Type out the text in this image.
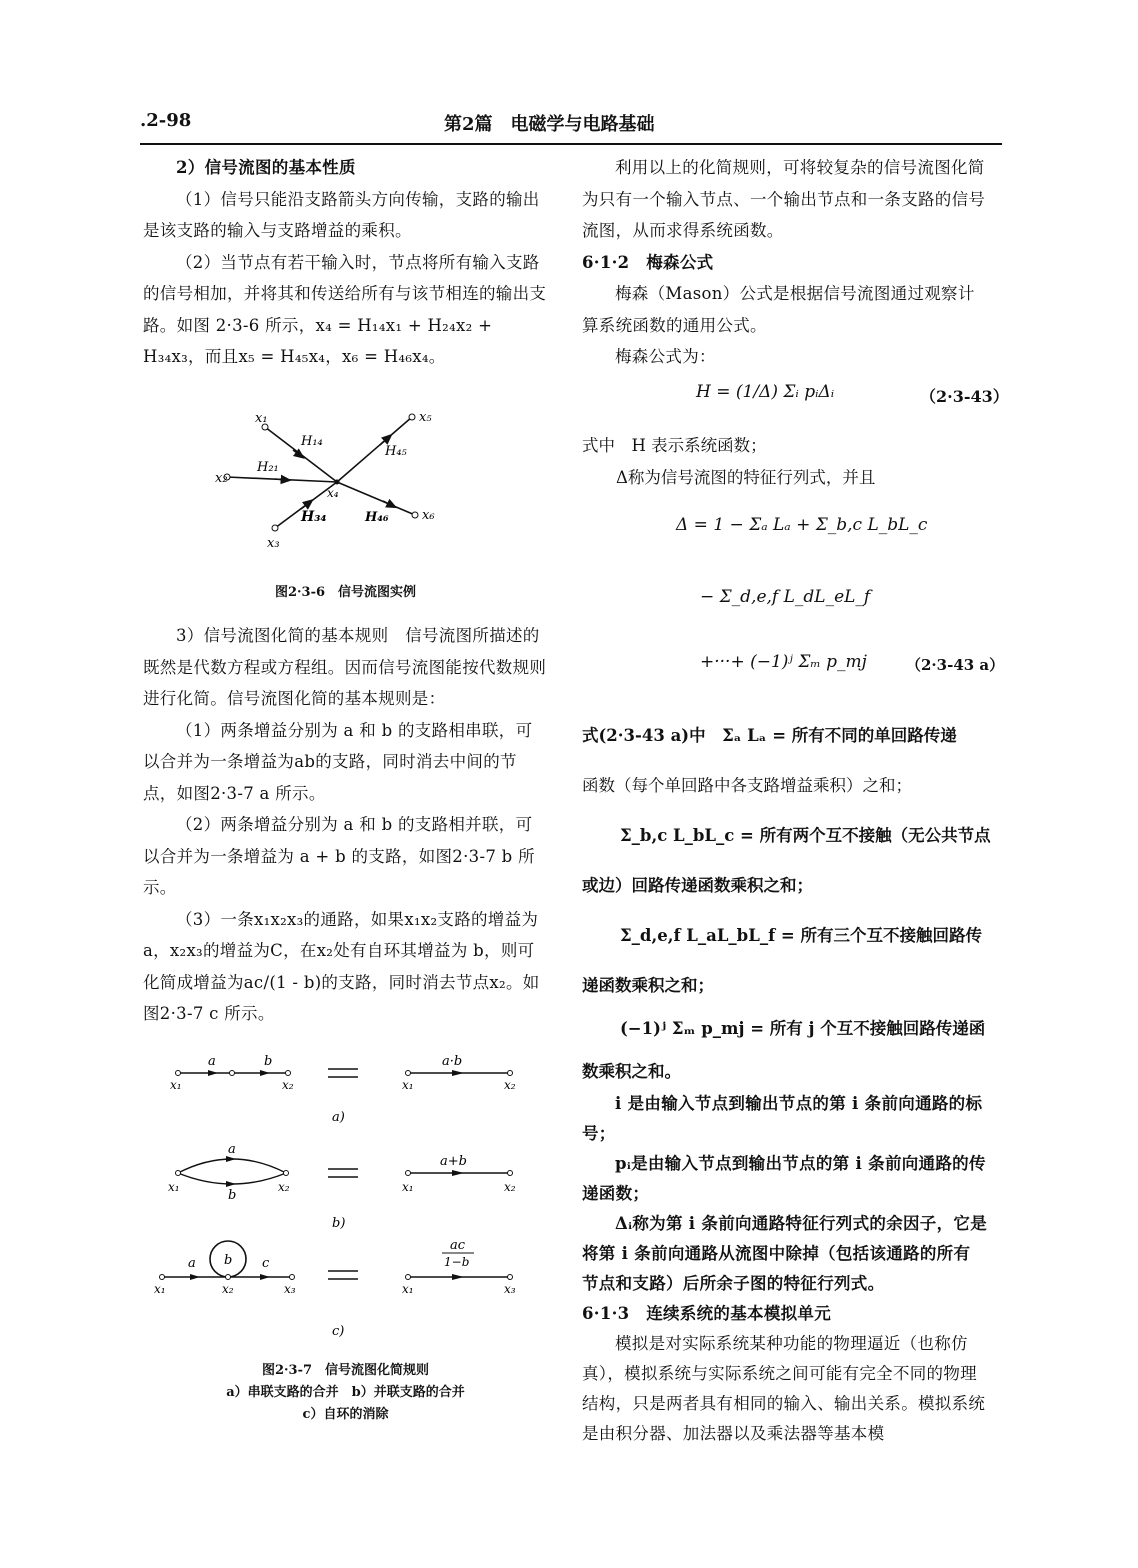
.2-98	第2篇　电磁学与电路基础

2）信号流图的基本性质

（1）信号只能沿支路箭头方向传输，支路的输出是该支路的输入与支路增益的乘积。

（2）当节点有若干输入时，节点将所有输入支路的信号相加，并将其和传送给所有与该节相连的输出支路。如图 2·3-6 所示，x₄ = H₁₄x₁ + H₂₄x₂ + H₃₄x₃，而且x₅ = H₄₅x₄，x₆ = H₄₆x₄。

x₁
x₂
x₃
x₄
x₅
x₆
H₁₄
H₂₁
H₃₄
H₄₅
H₄₆
图2·3-6　信号流图实例

3）信号流图化简的基本规则　信号流图所描述的既然是代数方程或方程组。因而信号流图能按代数规则进行化简。信号流图化简的基本规则是：

（1）两条增益分别为 a 和 b 的支路相串联，可以合并为一条增益为ab的支路，同时消去中间的节点，如图2·3-7 a 所示。

（2）两条增益分别为 a 和 b 的支路相并联，可以合并为一条增益为 a + b 的支路，如图2·3-7 b 所示。

（3）一条x₁x₂x₃的通路，如果x₁x₂支路的增益为 a，x₂x₃的增益为C，在x₂处有自环其增益为 b，则可化简成增益为ac/(1 - b)的支路，同时消去节点x₂。如图2·3-7 c 所示。

a	b
x₁	x₂
a·b
x₁	x₂
a)
a
b
x₁	x₂
a+b
x₁	x₂
b)
a b c
x₁	x₂	x₃
ac
1−b
x₁	x₃
c)
图2·3-7　信号流图化简规则
a）串联支路的合并　b）并联支路的合并
c）自环的消除

利用以上的化简规则，可将较复杂的信号流图化简为只有一个输入节点、一个输出节点和一条支路的信号流图，从而求得系统函数。

6·1·2　梅森公式

梅森（Mason）公式是根据信号流图通过观察计算系统函数的通用公式。

梅森公式为：

H = (1/Δ) Σᵢ pᵢΔᵢ	（2·3-43）
式中　H 表示系统函数；
Δ称为信号流图的特征行列式，并且
Δ = 1 − Σₐ Lₐ + Σ_b,c L_bL_c
− Σ_d,e,f L_dL_eL_f
+···+ (−1)ʲ Σₘ p_mj	（2·3-43 a）
式(2·3-43 a)中　Σₐ Lₐ = 所有不同的单回路传递
函数（每个单回路中各支路增益乘积）之和；
Σ_b,c L_bL_c = 所有两个互不接触（无公共节点
或边）回路传递函数乘积之和；
Σ_d,e,f L_aL_bL_f = 所有三个互不接触回路传
递函数乘积之和；
(−1)ʲ Σₘ p_mj = 所有 j 个互不接触回路传递函
数乘积之和。

i 是由输入节点到输出节点的第 i 条前向通路的标号；

pᵢ是由输入节点到输出节点的第 i 条前向通路的传递函数；

Δᵢ称为第 i 条前向通路特征行列式的余因子，它是将第 i 条前向通路从流图中除掉（包括该通路的所有节点和支路）后所余子图的特征行列式。

6·1·3　连续系统的基本模拟单元

模拟是对实际系统某种功能的物理逼近（也称仿真），模拟系统与实际系统之间可能有完全不同的物理结构，只是两者具有相同的输入、输出关系。模拟系统是由积分器、加法器以及乘法器等基本模
